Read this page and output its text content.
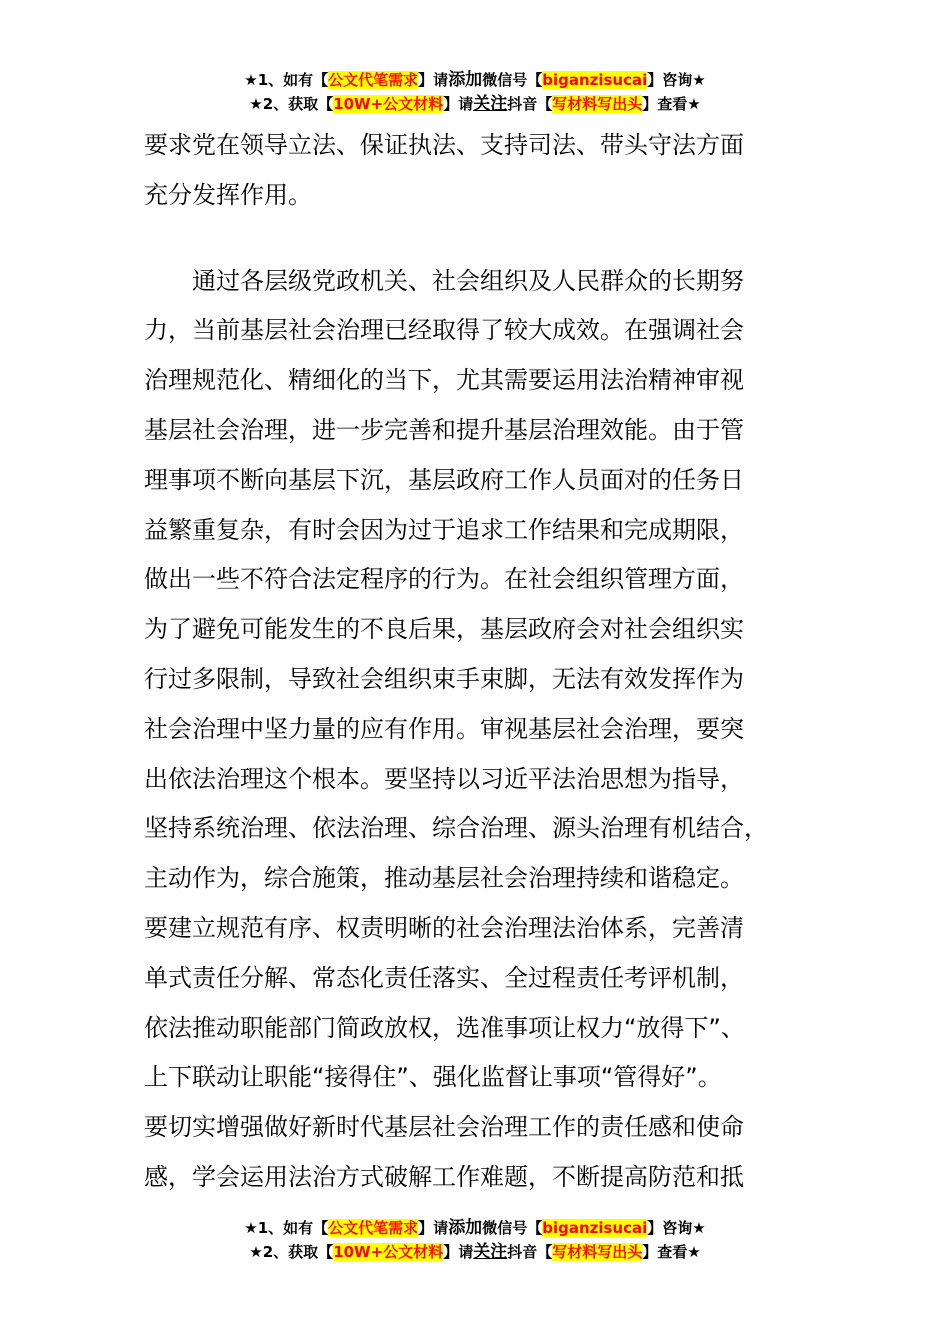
★1、如有【公文代笔需求】请添加微信号【biganzisucai】咨询★
★2、获取【10W+公文材料】请关注抖音【写材料写出头】查看★
要求党在领导立法、保证执法、支持司法、带头守法方面
充分发挥作用。
通过各层级党政机关、社会组织及人民群众的长期努
力，当前基层社会治理已经取得了较大成效。在强调社会
治理规范化、精细化的当下，尤其需要运用法治精神审视
基层社会治理，进一步完善和提升基层治理效能。由于管
理事项不断向基层下沉，基层政府工作人员面对的任务日
益繁重复杂，有时会因为过于追求工作结果和完成期限，
做出一些不符合法定程序的行为。在社会组织管理方面，
为了避免可能发生的不良后果，基层政府会对社会组织实
行过多限制，导致社会组织束手束脚，无法有效发挥作为
社会治理中坚力量的应有作用。审视基层社会治理，要突
出依法治理这个根本。要坚持以习近平法治思想为指导，
坚持系统治理、依法治理、综合治理、源头治理有机结合，
主动作为，综合施策，推动基层社会治理持续和谐稳定。
要建立规范有序、权责明晰的社会治理法治体系，完善清
单式责任分解、常态化责任落实、全过程责任考评机制，
依法推动职能部门简政放权，选准事项让权力“放得下”、
上下联动让职能“接得住”、强化监督让事项“管得好”。
要切实增强做好新时代基层社会治理工作的责任感和使命
感，学会运用法治方式破解工作难题，不断提高防范和抵
★1、如有【公文代笔需求】请添加微信号【biganzisucai】咨询★
★2、获取【10W+公文材料】请关注抖音【写材料写出头】查看★
